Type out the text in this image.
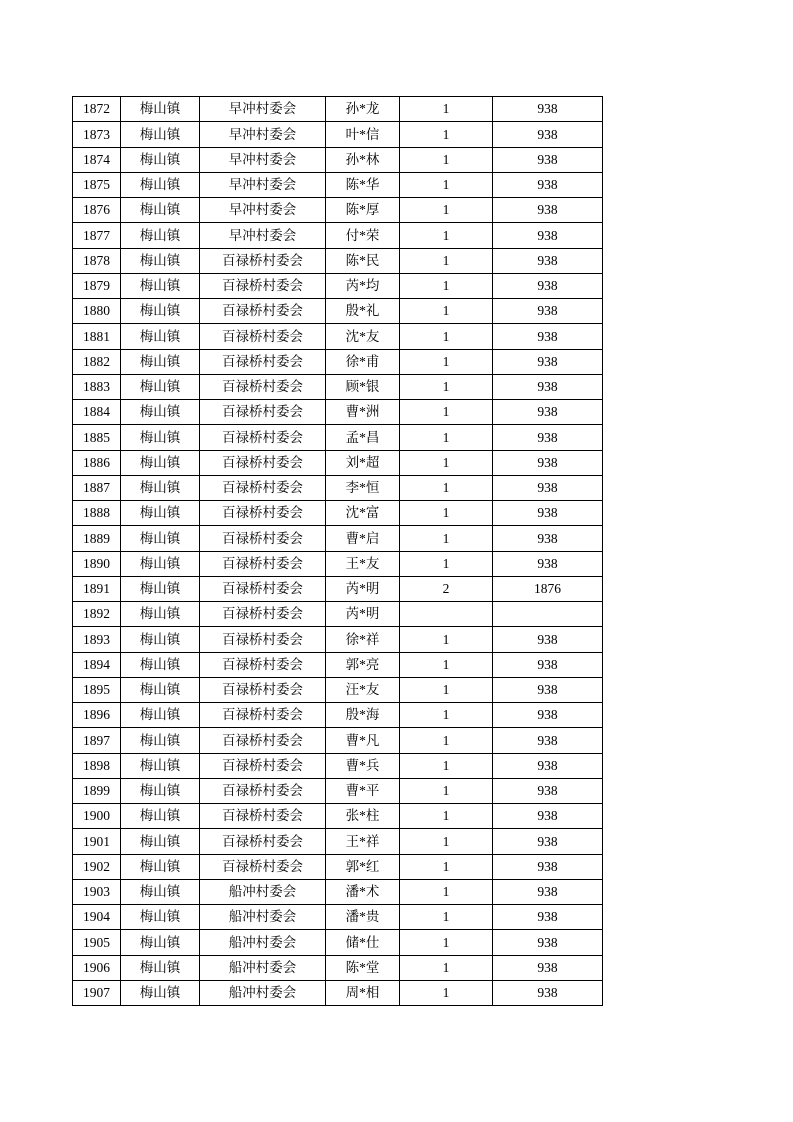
1872	梅山镇	早冲村委会	孙*龙	1	938
1873	梅山镇	早冲村委会	叶*信	1	938
1874	梅山镇	早冲村委会	孙*林	1	938
1875	梅山镇	早冲村委会	陈*华	1	938
1876	梅山镇	早冲村委会	陈*厚	1	938
1877	梅山镇	早冲村委会	付*荣	1	938
1878	梅山镇	百禄桥村委会	陈*民	1	938
1879	梅山镇	百禄桥村委会	芮*均	1	938
1880	梅山镇	百禄桥村委会	殷*礼	1	938
1881	梅山镇	百禄桥村委会	沈*友	1	938
1882	梅山镇	百禄桥村委会	徐*甫	1	938
1883	梅山镇	百禄桥村委会	顾*银	1	938
1884	梅山镇	百禄桥村委会	曹*洲	1	938
1885	梅山镇	百禄桥村委会	孟*昌	1	938
1886	梅山镇	百禄桥村委会	刘*超	1	938
1887	梅山镇	百禄桥村委会	李*恒	1	938
1888	梅山镇	百禄桥村委会	沈*富	1	938
1889	梅山镇	百禄桥村委会	曹*启	1	938
1890	梅山镇	百禄桥村委会	王*友	1	938
1891	梅山镇	百禄桥村委会	芮*明	2	1876
1892	梅山镇	百禄桥村委会	芮*明		
1893	梅山镇	百禄桥村委会	徐*祥	1	938
1894	梅山镇	百禄桥村委会	郭*亮	1	938
1895	梅山镇	百禄桥村委会	汪*友	1	938
1896	梅山镇	百禄桥村委会	殷*海	1	938
1897	梅山镇	百禄桥村委会	曹*凡	1	938
1898	梅山镇	百禄桥村委会	曹*兵	1	938
1899	梅山镇	百禄桥村委会	曹*平	1	938
1900	梅山镇	百禄桥村委会	张*柱	1	938
1901	梅山镇	百禄桥村委会	王*祥	1	938
1902	梅山镇	百禄桥村委会	郭*红	1	938
1903	梅山镇	船冲村委会	潘*术	1	938
1904	梅山镇	船冲村委会	潘*贵	1	938
1905	梅山镇	船冲村委会	储*仕	1	938
1906	梅山镇	船冲村委会	陈*堂	1	938
1907	梅山镇	船冲村委会	周*相	1	938
